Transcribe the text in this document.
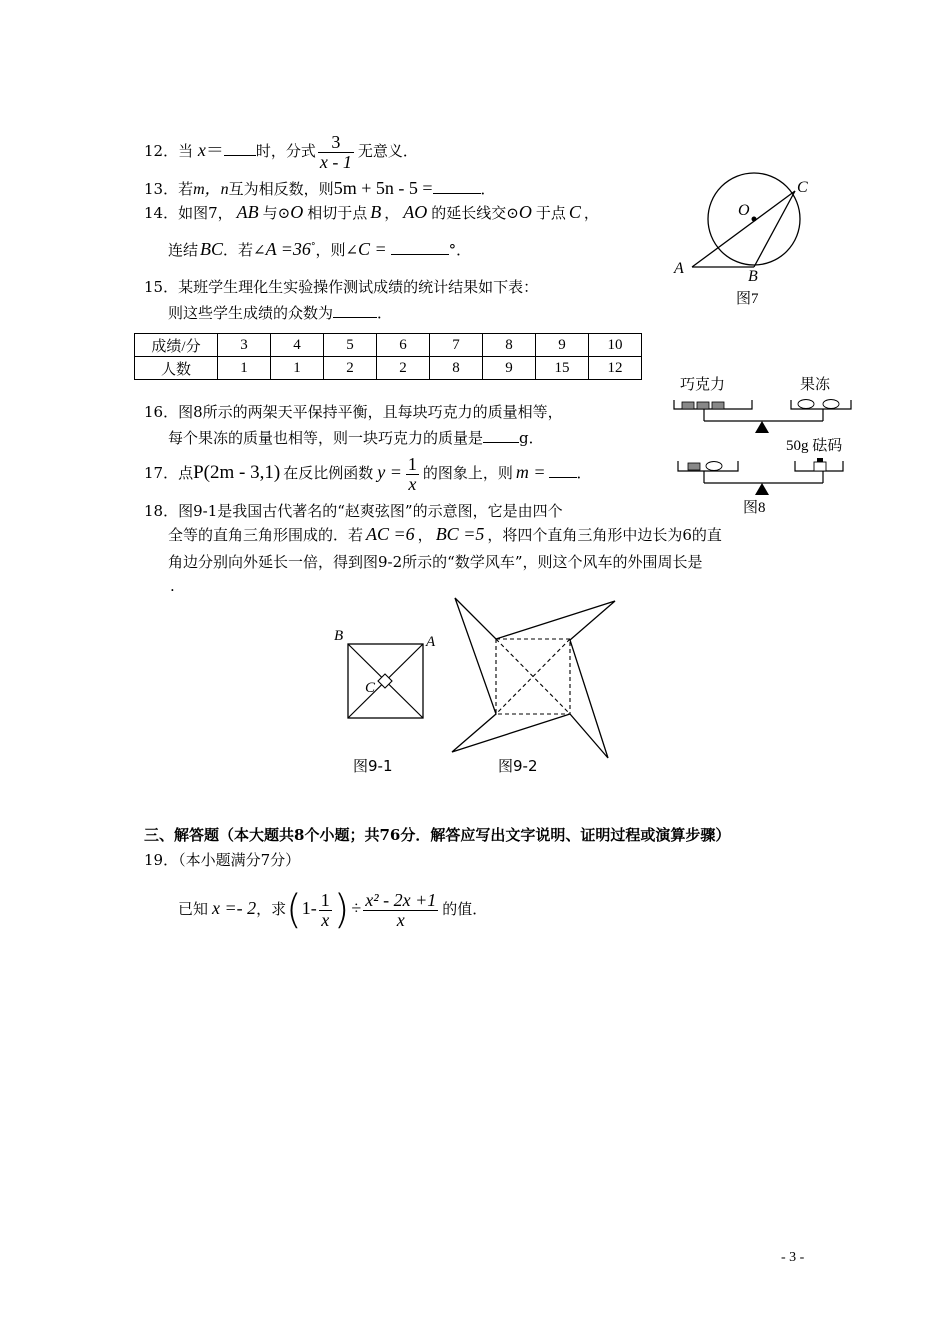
12．当 x＝ 时，分式 $\frac{3}{x - 1}$ 无意义．
13．若m，n互为相反数，则5m + 5n - 5 =	．
14．如图7， AB 与⊙O 相切于点 B ， AO 的延长线交⊙O 于点 C ，
连结 BC．若∠A =36°，则∠C =	°．
15．某班学生理化生实验操作测试成绩的统计结果如下表：
则这些学生成绩的众数为	．
成绩/分	3	4	5	6	7	8	9	10
人数	1	1	2	2	8	9	15	12
16．图8所示的两架天平保持平衡，且每块巧克力的质量相等，
每个果冻的质量也相等，则一块巧克力的质量是 g．
17．点P(2m - 3,1) 在反比例函数 $y = \frac{1}{x}$ 的图象上，则 m = ．
18．图9-1是我国古代著名的“赵爽弦图”的示意图，它是由四个
全等的直角三角形围成的．若 AC =6 ， BC =5 ，将四个直角三角形中边长为6的直
角边分别向外延长一倍，得到图9-2所示的“数学风车”，则这个风车的外围周长是
.
O
C
A	B
图7
巧克力	果冻
50g 砝码
图8
B	A
C
图9-1	图9-2
三、解答题（本大题共8个小题；共76分．解答应写出文字说明、证明过程或演算步骤）
19．（本小题满分7分）
已知 x =- 2，求($1- \frac{1}{x}$ ) ÷ $\frac{\text{x² - 2x +1}}{x}$ 的值．
- 3 -
